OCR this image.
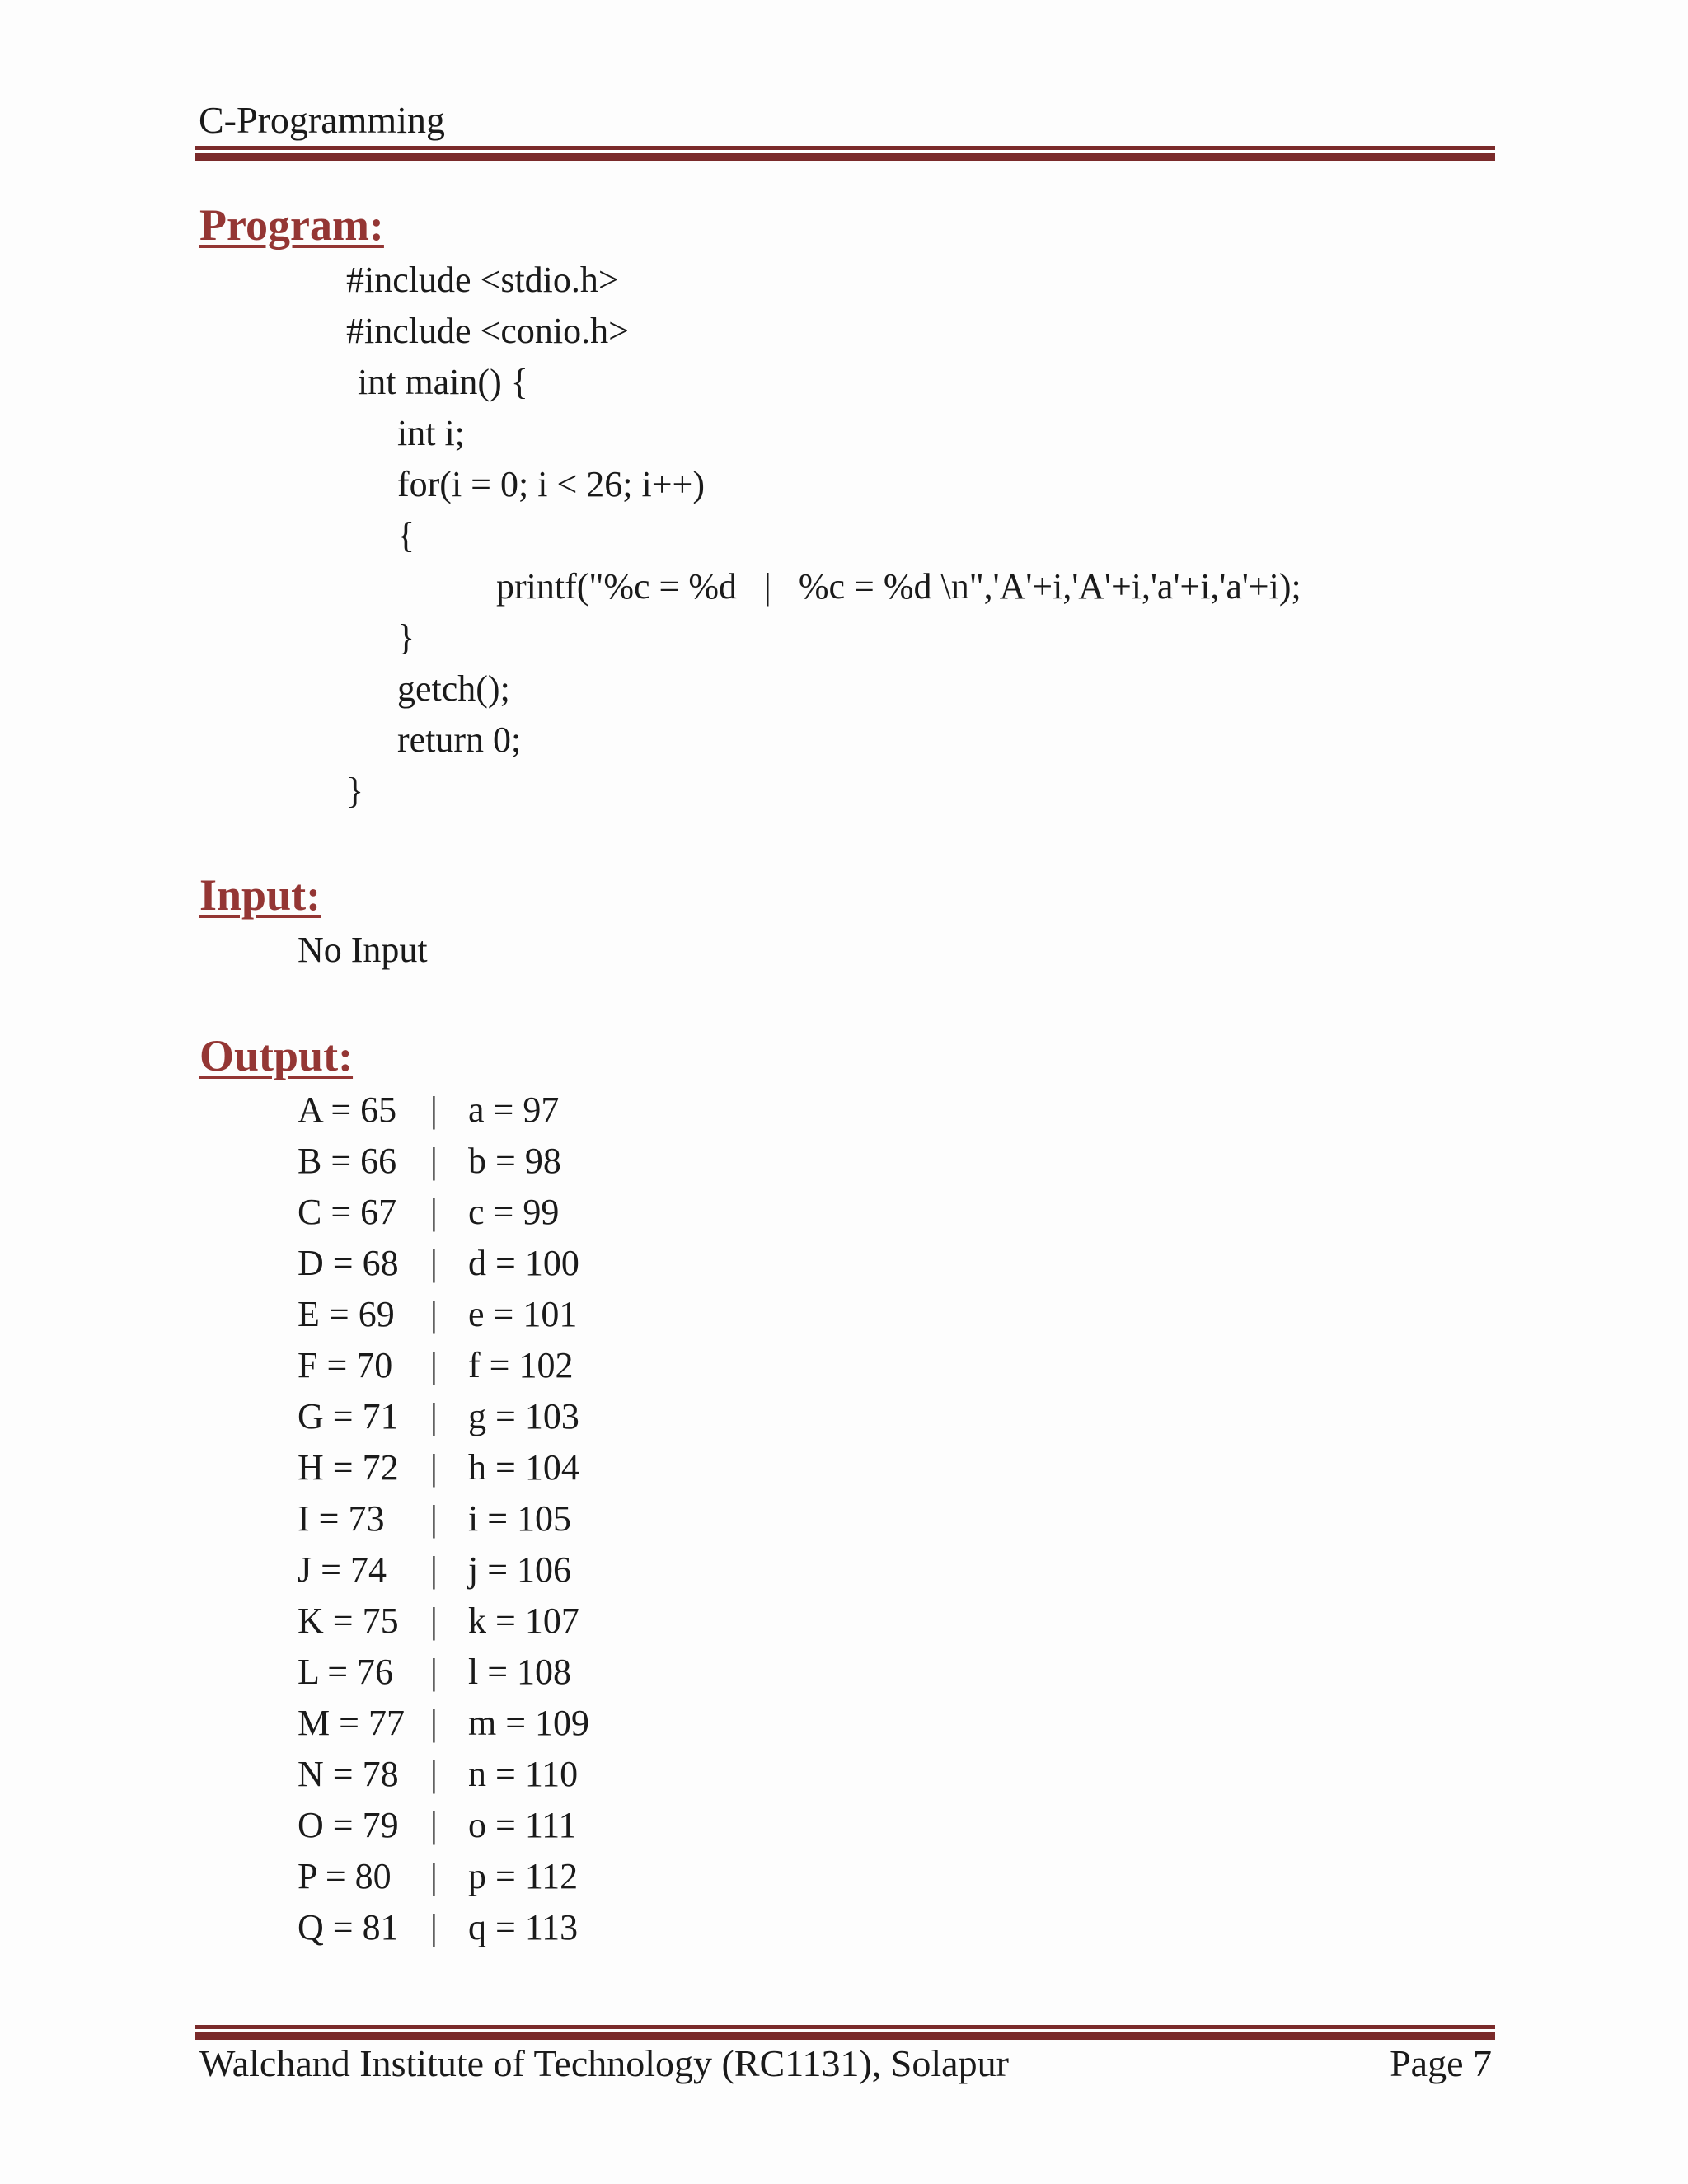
C-Programming
Program:
#include <stdio.h>
#include <conio.h>
int main() {
int i;
for(i = 0; i < 26; i++)
{
printf("%c = %d   |   %c = %d \n",'A'+i,'A'+i,'a'+i,'a'+i);
}
getch();
return 0;
}
Input:
No Input
Output:
A = 65 | a = 97
B = 66 | b = 98
C = 67 | c = 99
D = 68 | d = 100
E = 69 | e = 101
F = 70 | f = 102
G = 71 | g = 103
H = 72 | h = 104
I = 73 | i = 105
J = 74 | j = 106
K = 75 | k = 107
L = 76 | l = 108
M = 77 | m = 109
N = 78 | n = 110
O = 79 | o = 111
P = 80 | p = 112
Q = 81 | q = 113
Walchand Institute of Technology (RC1131), Solapur	Page 7
